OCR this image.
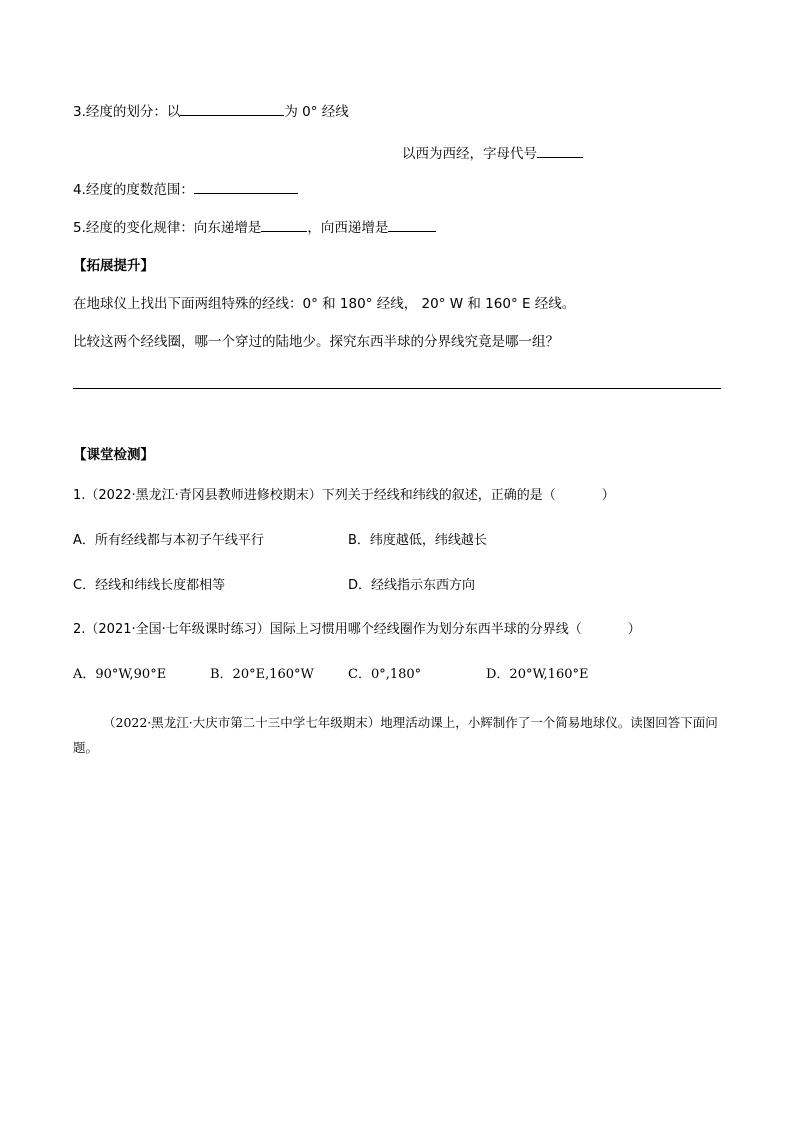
3.经度的划分：以	为 0° 经线
以西为西经，字母代号
4.经度的度数范围：
5.经度的变化规律：向东递增是	，向西递增是
【拓展提升】
在地球仪上找出下面两组特殊的经线：0° 和 180° 经线， 20° W 和 160° E 经线。
比较这两个经线圈，哪一个穿过的陆地少。探究东西半球的分界线究竟是哪一组？
【课堂检测】
1.（2022·黑龙江·青冈县教师进修校期末）下列关于经线和纬线的叙述，正确的是（	）
A．所有经线都与本初子午线平行	B．纬度越低，纬线越长
C．经线和纬线长度都相等	D．经线指示东西方向
2.（2021·全国·七年级课时练习）国际上习惯用哪个经线圈作为划分东西半球的分界线（	）
A．90°W,90°E	B．20°E,160°W	C．0°,180°	D．20°W,160°E
（2022·黑龙江·大庆市第二十三中学七年级期末）地理活动课上，小辉制作了一个简易地球仪。读图回答下面问题。
